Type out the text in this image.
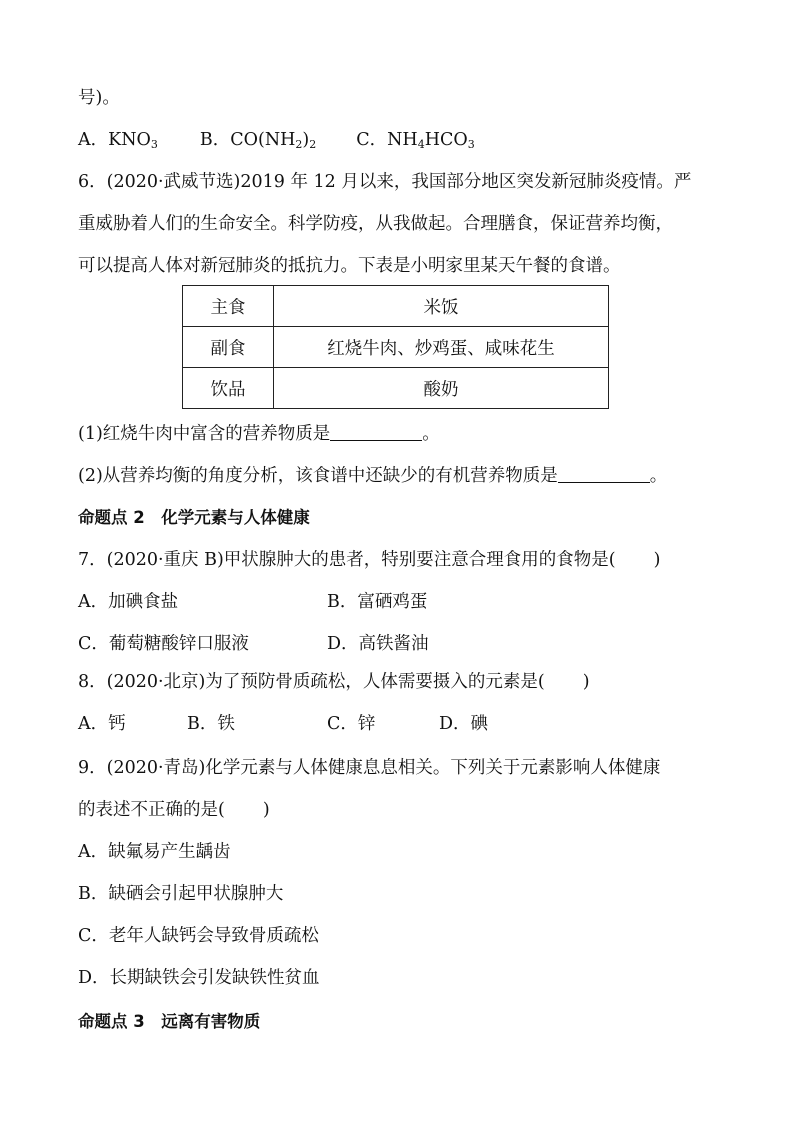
号)。
A．$KNO_3$ B．$CO(NH_2)_2$ C．$NH_4HCO_3$
6．(2020·武威节选)2019 年 12 月以来，我国部分地区突发新冠肺炎疫情。严
重威胁着人们的生命安全。科学防疫，从我做起。合理膳食，保证营养均衡，
可以提高人体对新冠肺炎的抵抗力。下表是小明家里某天午餐的食谱。
主食	米饭
副食	红烧牛肉、炒鸡蛋、咸味花生
饮品	酸奶
(1)红烧牛肉中富含的营养物质是	。
(2)从营养均衡的角度分析，该食谱中还缺少的有机营养物质是	。
命题点 2　化学元素与人体健康
7．(2020·重庆 B)甲状腺肿大的患者，特别要注意合理食用的食物是( )
A．加碘食盐	B．富硒鸡蛋
C．葡萄糖酸锌口服液	D．高铁酱油
8．(2020·北京)为了预防骨质疏松，人体需要摄入的元素是( )
A．钙	B．铁	C．锌	D．碘
9．(2020·青岛)化学元素与人体健康息息相关。下列关于元素影响人体健康
的表述不正确的是( )
A．缺氟易产生龋齿
B．缺硒会引起甲状腺肿大
C．老年人缺钙会导致骨质疏松
D．长期缺铁会引发缺铁性贫血
命题点 3　远离有害物质
